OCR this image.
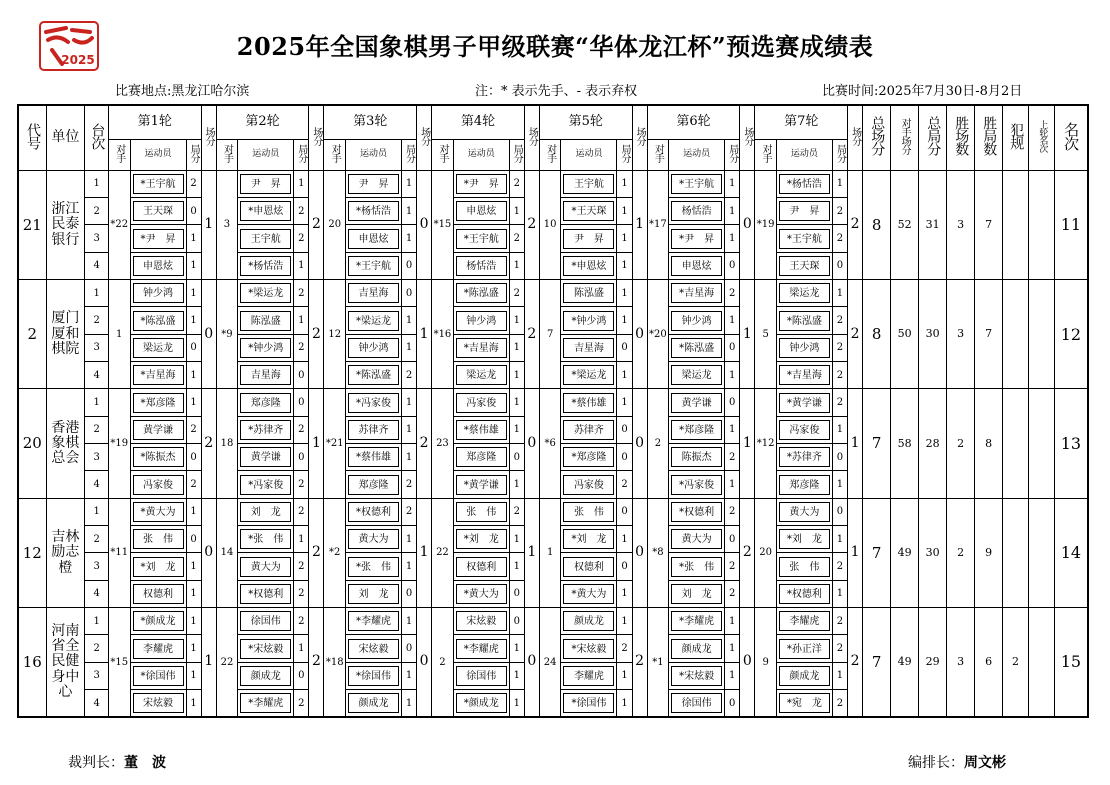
2025	2025年全国象棋男子甲级联赛“华体龙江杯”预选赛成绩表
比赛地点:黑龙江哈尔滨	注：* 表示先手、- 表示弃权	比赛时间:2025年7月30日-8月2日
代号	单位	台次	第1轮			场分	第2轮			场分	第3轮			场分	第4轮			场分	第5轮			场分	第6轮			场分	第7轮			场分	总场分	对手场分	总局分	胜场数	胜局数	犯规	上轮名次	名次
			对手	运动员	局分		对手	运动员	局分		对手	运动员	局分		对手	运动员	局分		对手	运动员	局分		对手	运动员	局分		对手	运动员	局分									
21	浙江民泰银行	1	*22	*王宇航	2	1	3	尹　昇	1	2	20	尹　昇	1	0	*15	*尹　昇	2	2	10	王宇航	1	1	*17	*王宇航	1	0	*19	*杨恬浩	1	2	8	52	31	3	7			11
		2		王天琛	0			*申恩炫	2			*杨恬浩	1			申恩炫	1			*王天琛	1			杨恬浩	1			尹　昇	2									
		3		*尹　昇	1			王宇航	2			申恩炫	1			*王宇航	2			尹　昇	1			*尹　昇	1			*王宇航	2									
		4		申恩炫	1			*杨恬浩	1			*王宇航	0			杨恬浩	1			*申恩炫	1			申恩炫	0			王天琛	0									
2	厦门厦和棋院	1	1	钟少鸿	1	0	*9	*梁运龙	2	2	12	吉星海	0	1	*16	*陈泓盛	2	2	7	陈泓盛	1	0	*20	*吉星海	2	1	5	梁运龙	1	2	8	50	30	3	7			12
		2		*陈泓盛	1			陈泓盛	1			*梁运龙	1			钟少鸿	1			*钟少鸿	1			钟少鸿	1			*陈泓盛	2									
		3		梁运龙	0			*钟少鸿	2			钟少鸿	1			*吉星海	1			吉星海	0			*陈泓盛	0			钟少鸿	2									
		4		*吉星海	1			吉星海	0			*陈泓盛	2			梁运龙	1			*梁运龙	1			梁运龙	1			*吉星海	2									
20	香港象棋总会	1	*19	*郑彦隆	1	2	18	郑彦隆	0	1	*21	*冯家俊	1	2	23	冯家俊	1	0	*6	*蔡伟雄	1	0	2	黄学谦	0	1	*12	*黄学谦	2	1	7	58	28	2	8			13
		2		黄学谦	2			*苏律齐	2			苏律齐	1			*蔡伟雄	1			苏律齐	0			*郑彦隆	1			冯家俊	1									
		3		*陈振杰	0			黄学谦	0			*蔡伟雄	1			郑彦隆	0			*郑彦隆	0			陈振杰	2			*苏律齐	0									
		4		冯家俊	2			*冯家俊	2			郑彦隆	2			*黄学谦	1			冯家俊	2			*冯家俊	1			郑彦隆	1									
12	吉林励志橙	1	*11	*黄大为	1	0	14	刘　龙	2	2	*2	*权德利	2	1	22	张　伟	2	1	1	张　伟	0	0	*8	*权德利	2	2	20	黄大为	0	1	7	49	30	2	9			14
		2		张　伟	0			*张　伟	1			黄大为	1			*刘　龙	1			*刘　龙	1			黄大为	0			*刘　龙	1									
		3		*刘　龙	1			黄大为	2			*张　伟	1			权德利	1			权德利	0			*张　伟	2			张　伟	2									
		4		权德利	1			*权德利	2			刘　龙	0			*黄大为	0			*黄大为	1			刘　龙	2			*权德利	1									
16	河南省全民健身中心	1	*15	*颜成龙	1	1	22	徐国伟	2	2	*18	*李耀虎	1	0	2	宋炫毅	0	0	24	颜成龙	1	2	*1	*李耀虎	1	0	9	李耀虎	2	2	7	49	29	3	6	2		15
		2		李耀虎	1			*宋炫毅	1			宋炫毅	0			*李耀虎	1			*宋炫毅	2			颜成龙	1			*孙正洋	2									
		3		*徐国伟	1			颜成龙	0			*徐国伟	1			徐国伟	1			李耀虎	1			*宋炫毅	1			颜成龙	1									
		4		宋炫毅	1			*李耀虎	2			颜成龙	1			*颜成龙	1			*徐国伟	1			徐国伟	0			*宛　龙	2									
裁判长：董　波	编排长：周文彬
